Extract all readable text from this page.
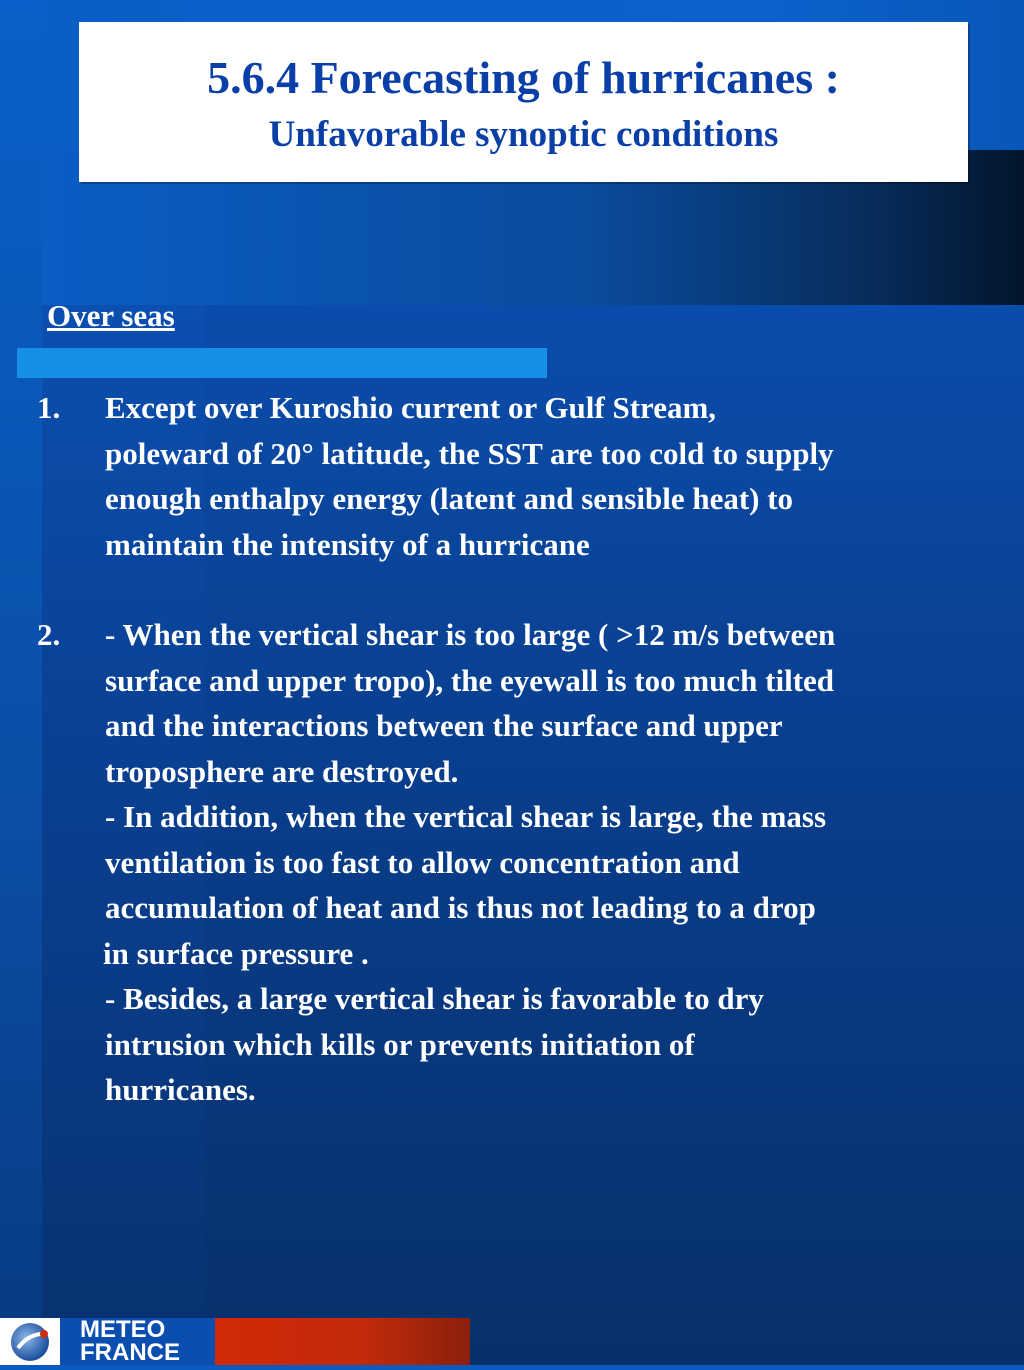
5.6.4 Forecasting of hurricanes :
Unfavorable synoptic conditions
Over seas
1. Except over Kuroshio current or Gulf Stream,

poleward of 20° latitude, the SST are too cold to supply

enough enthalpy energy (latent and sensible heat) to

maintain the intensity of a hurricane

2. - When the vertical shear is too large ( >12 m/s between

surface and upper tropo), the eyewall is too much tilted

and the interactions between the surface and upper

troposphere are destroyed.

- In addition, when the vertical shear is large, the mass

ventilation is too fast to allow concentration and

accumulation of heat and is thus not leading to a drop

in surface pressure .

- Besides, a large vertical shear is favorable to dry

intrusion which kills or prevents initiation of

hurricanes.

METEO
FRANCE
